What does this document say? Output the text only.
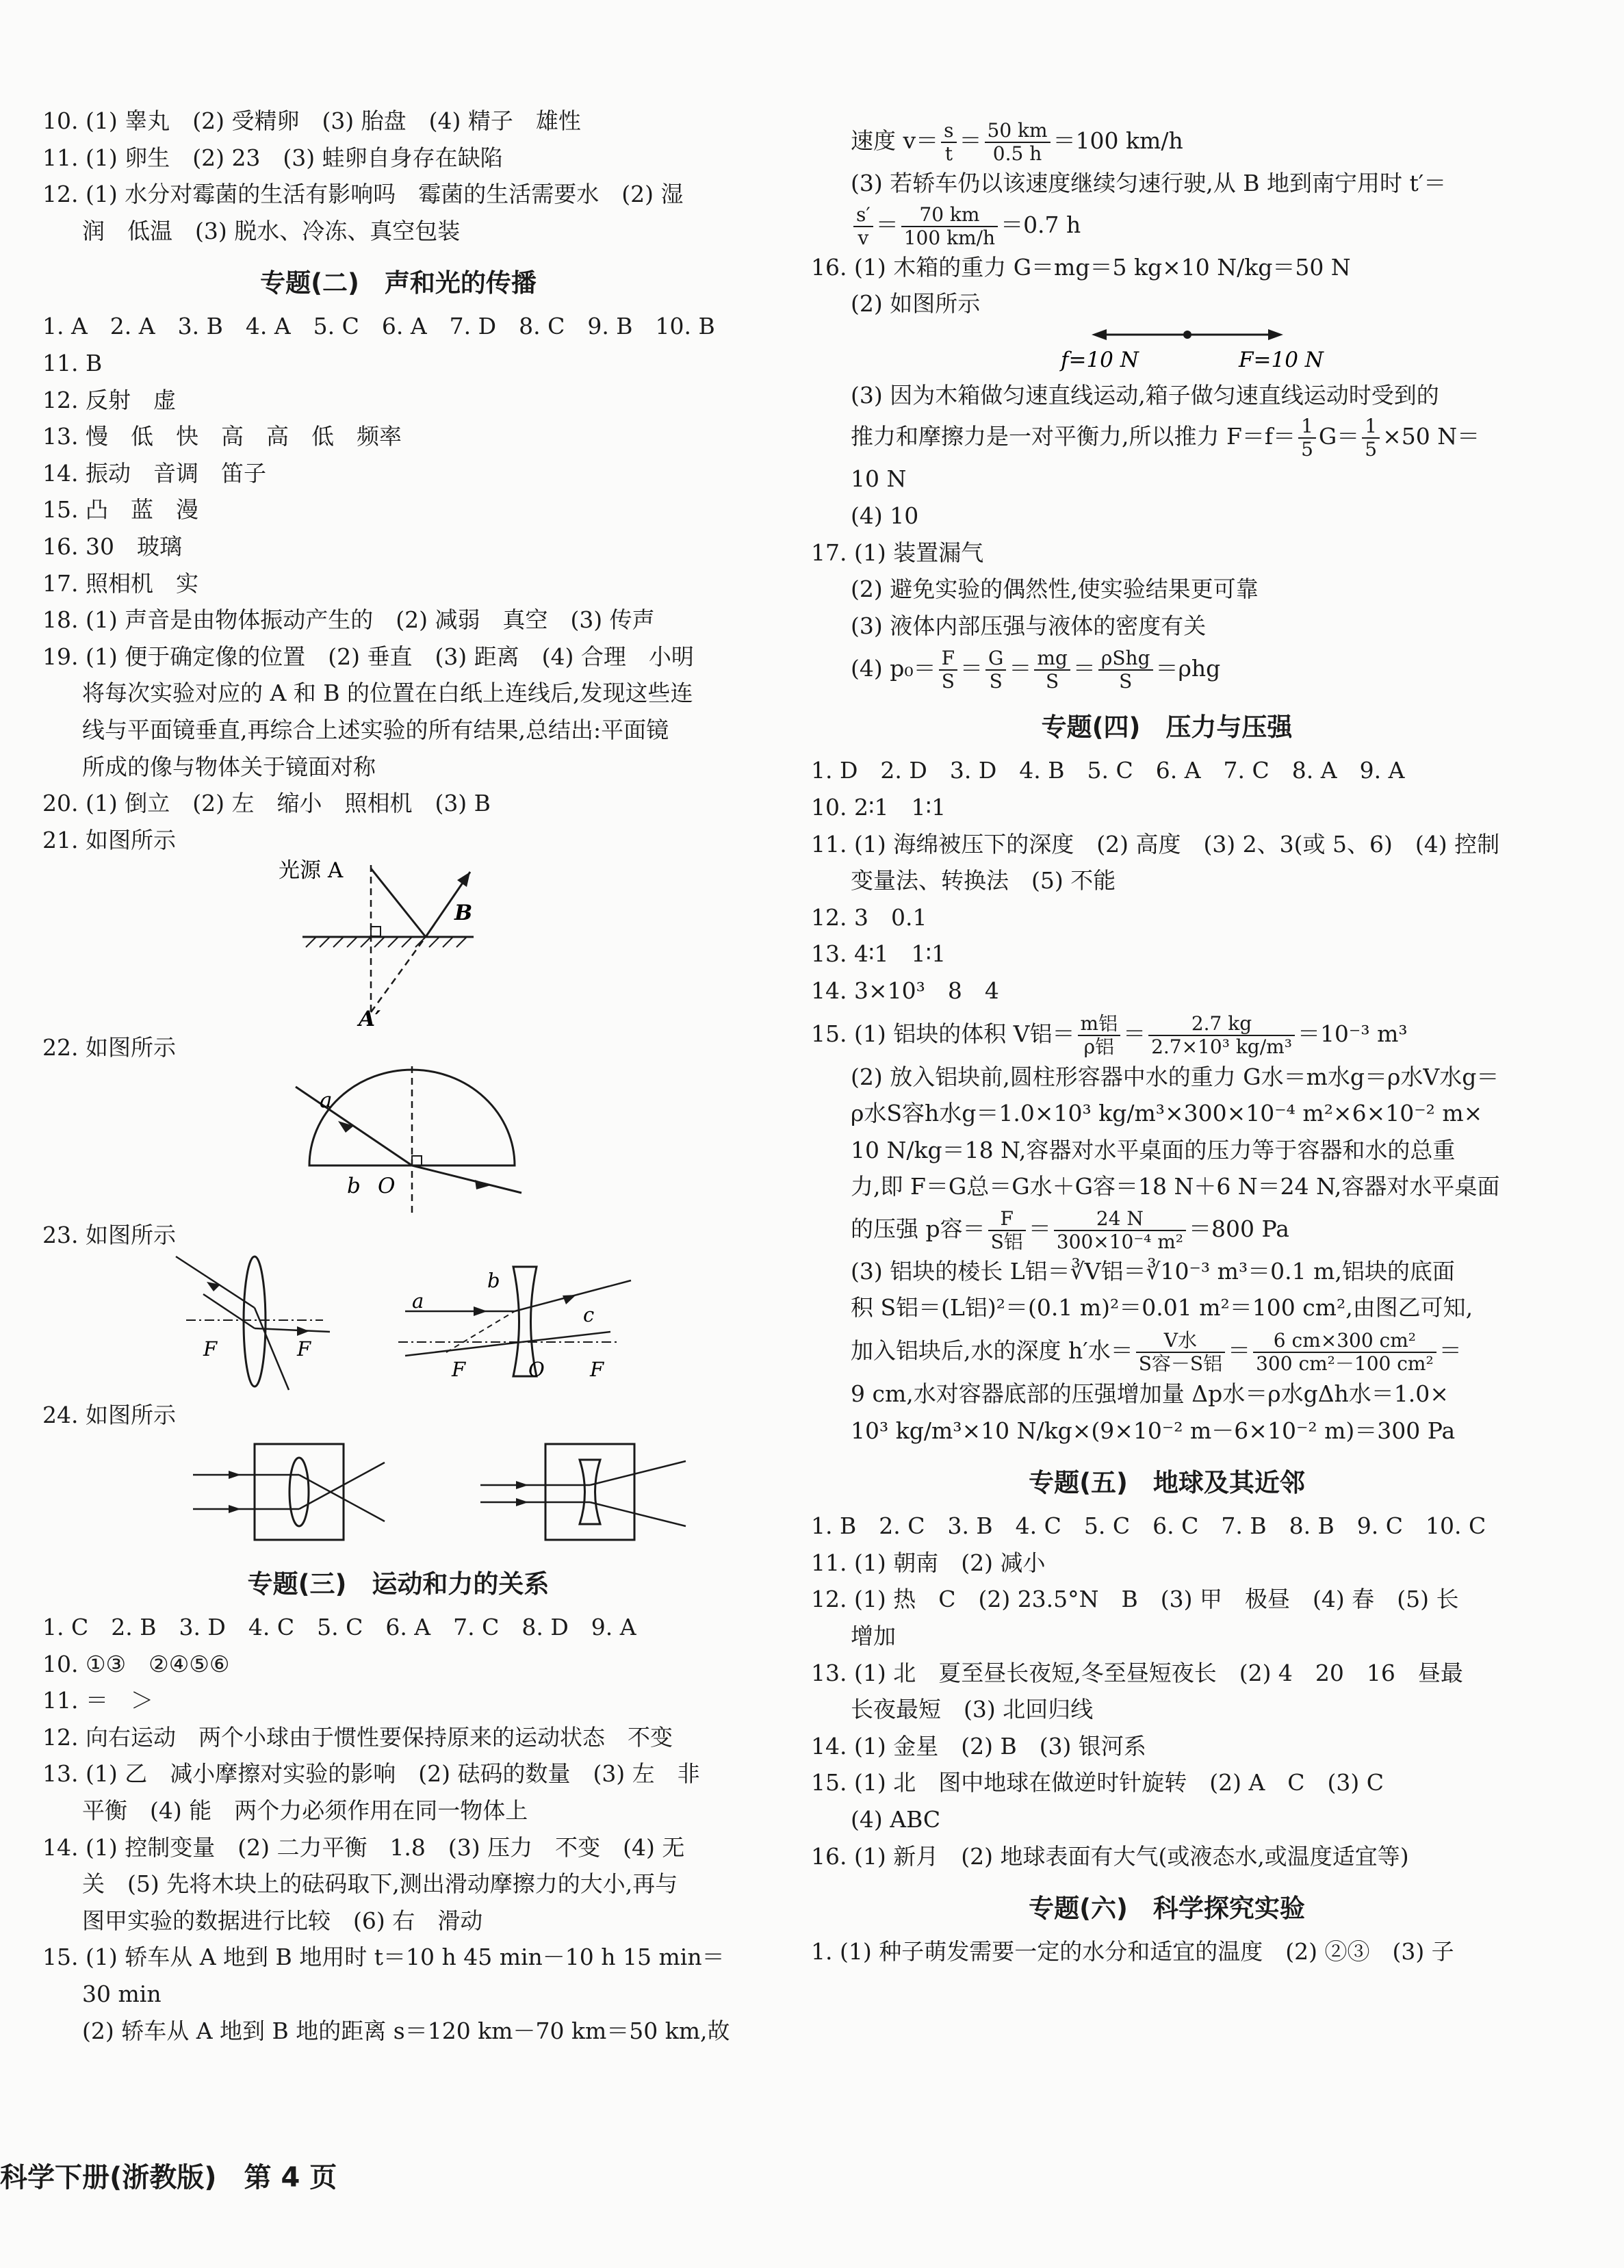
10. (1) 睾丸　(2) 受精卵　(3) 胎盘　(4) 精子　雄性
11. (1) 卵生　(2) 23　(3) 蛙卵自身存在缺陷
12. (1) 水分对霉菌的生活有影响吗　霉菌的生活需要水　(2) 湿
润　低温　(3) 脱水、冷冻、真空包装
专题(二)　声和光的传播
1. A　2. A　3. B　4. A　5. C　6. A　7. D　8. C　9. B　10. B
11. B
12. 反射　虚
13. 慢　低　快　高　高　低　频率
14. 振动　音调　笛子
15. 凸　蓝　漫
16. 30　玻璃
17. 照相机　实
18. (1) 声音是由物体振动产生的　(2) 减弱　真空　(3) 传声
19. (1) 便于确定像的位置　(2) 垂直　(3) 距离　(4) 合理　小明
将每次实验对应的 A 和 B 的位置在白纸上连线后,发现这些连
线与平面镜垂直,再综合上述实验的所有结果,总结出:平面镜
所成的像与物体关于镜面对称
20. (1) 倒立　(2) 左　缩小　照相机　(3) B
21. 如图所示
光源 A
B
A′
22. 如图所示
a
b O
23. 如图所示
F	F
a
b
c
F	O F
24. 如图所示
专题(三)　运动和力的关系
1. C　2. B　3. D　4. C　5. C　6. A　7. C　8. D　9. A
10. ①③　②④⑤⑥
11. ＝　＞
12. 向右运动　两个小球由于惯性要保持原来的运动状态　不变
13. (1) 乙　减小摩擦对实验的影响　(2) 砝码的数量　(3) 左　非
平衡　(4) 能　两个力必须作用在同一物体上
14. (1) 控制变量　(2) 二力平衡　1.8　(3) 压力　不变　(4) 无
关　(5) 先将木块上的砝码取下,测出滑动摩擦力的大小,再与
图甲实验的数据进行比较　(6) 右　滑动
15. (1) 轿车从 A 地到 B 地用时 t＝10 h 45 min－10 h 15 min＝
30 min
(2) 轿车从 A 地到 B 地的距离 s＝120 km－70 km＝50 km,故
速度 $v= \frac{s}{t} = \frac{50 km}{0.5 h} =100$ km/h
(3) 若轿车仍以该速度继续匀速行驶,从 B 地到南宁用时 t′＝
$\frac{s'}{v} = \frac{70 km}{100 km/h} =0.7$ h
16. (1) 木箱的重力 G＝mg＝5 kg×10 N/kg＝50 N
(2) 如图所示
f=10 N	F=10 N
(3) 因为木箱做匀速直线运动,箱子做匀速直线运动时受到的
推力和摩擦力是一对平衡力,所以推力 $F=f= \frac{1}{5} G= \frac{1}{5} \times 50$ N＝
10 N
(4) 10
17. (1) 装置漏气
(2) 避免实验的偶然性,使实验结果更可靠
(3) 液体内部压强与液体的密度有关
(4) $p_0= \frac{F}{S} = \frac{G}{S} = \frac{mg}{S} = \frac{\text{ρShg}}{S} =\rho hg$
专题(四)　压力与压强
1. D　2. D　3. D　4. B　5. C　6. A　7. C　8. A　9. A
10. 2∶1　1∶1
11. (1) 海绵被压下的深度　(2) 高度　(3) 2、3(或 5、6)　(4) 控制
变量法、转换法　(5) 不能
12. 3　0.1
13. 4∶1　1∶1
14. 3×10³　8　4
15. (1) 铝块的体积 V铝＝ $\frac{\text{m铝}}{\text{ρ铝}} = \frac{2.7 kg}{\text{2.7×10³ kg/m³}} =10^{-3}$ m³
(2) 放入铝块前,圆柱形容器中水的重力 G水＝m水g＝ρ水V水g＝
ρ水S容h水g＝1.0×10³ kg/m³×300×10⁻⁴ m²×6×10⁻² m×
10 N/kg＝18 N,容器对水平桌面的压力等于容器和水的总重
力,即 F＝G总＝G水＋G容＝18 N＋6 N＝24 N,容器对水平桌面
的压强 p容＝ $\frac{F}{\text{S铝}} = \frac{24 N}{\text{300×10⁻⁴ m²}} =800$ Pa
(3) 铝块的棱长 L铝＝∛V铝＝∛10⁻³ m³＝0.1 m,铝块的底面
积 S铝＝(L铝)²＝(0.1 m)²＝0.01 m²＝100 cm²,由图乙可知,
加入铝块后,水的深度 h′水＝ $\frac{\text{V水}}{\text{S容－S铝}} = \frac{\text{6 cm×300 cm²}}{\text{300 cm²－100 cm²}}$ ＝
9 cm,水对容器底部的压强增加量 Δp水＝ρ水gΔh水＝1.0×
10³ kg/m³×10 N/kg×(9×10⁻² m－6×10⁻² m)＝300 Pa
专题(五)　地球及其近邻
1. B　2. C　3. B　4. C　5. C　6. C　7. B　8. B　9. C　10. C
11. (1) 朝南　(2) 减小
12. (1) 热　C　(2) 23.5°N　B　(3) 甲　极昼　(4) 春　(5) 长
增加
13. (1) 北　夏至昼长夜短,冬至昼短夜长　(2) 4　20　16　昼最
长夜最短　(3) 北回归线
14. (1) 金星　(2) B　(3) 银河系
15. (1) 北　图中地球在做逆时针旋转　(2) A　C　(3) C
(4) ABC
16. (1) 新月　(2) 地球表面有大气(或液态水,或温度适宜等)
专题(六)　科学探究实验
1. (1) 种子萌发需要一定的水分和适宜的温度　(2) ②③　(3) 子
科学下册(浙教版)　第 4 页
